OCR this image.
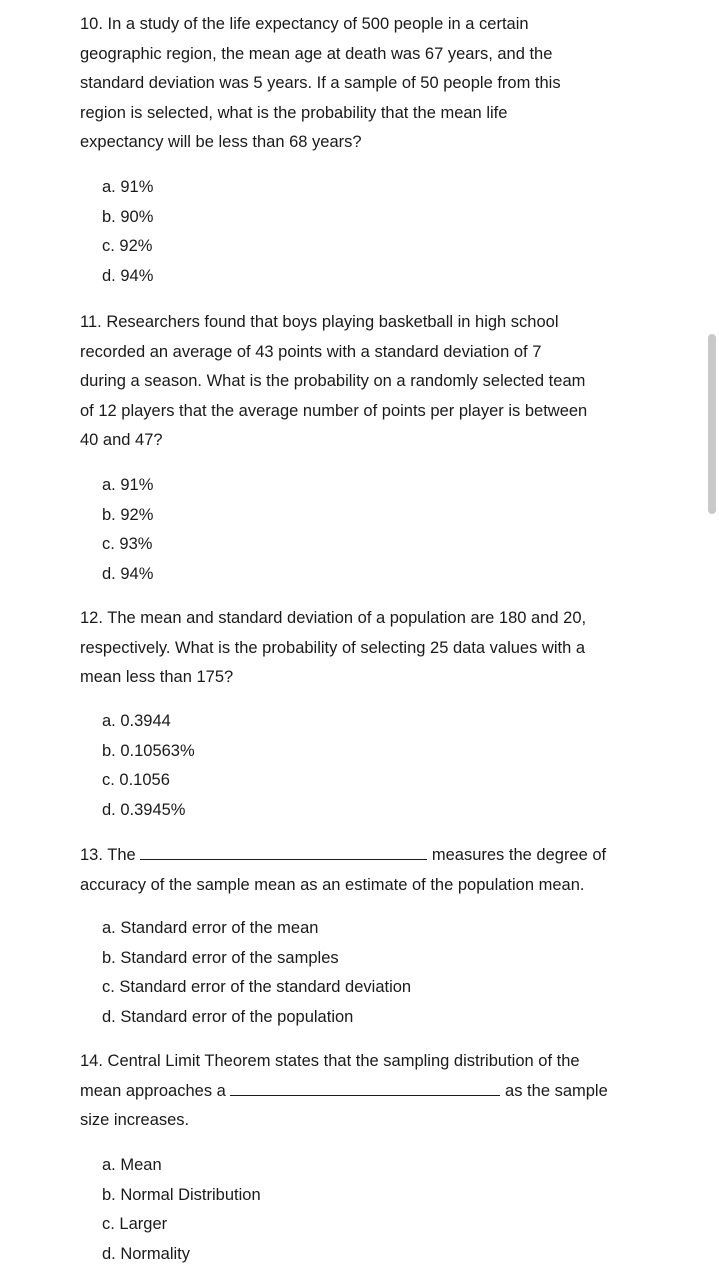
10. In a study of the life expectancy of 500 people in a certain
geographic region, the mean age at death was 67 years, and the
standard deviation was 5 years. If a sample of 50 people from this
region is selected, what is the probability that the mean life
expectancy will be less than 68 years?

a. 91%
b. 90%
c. 92%
d. 94%

11. Researchers found that boys playing basketball in high school
recorded an average of 43 points with a standard deviation of 7
during a season. What is the probability on a randomly selected team
of 12 players that the average number of points per player is between
40 and 47?

a. 91%
b. 92%
c. 93%
d. 94%

12. The mean and standard deviation of a population are 180 and 20,
respectively. What is the probability of selecting 25 data values with a
mean less than 175?

a. 0.3944
b. 0.10563%
c. 0.1056
d. 0.3945%

13. The	measures the degree of
accuracy of the sample mean as an estimate of the population mean.

a. Standard error of the mean
b. Standard error of the samples
c. Standard error of the standard deviation
d. Standard error of the population

14. Central Limit Theorem states that the sampling distribution of the
mean approaches a	as the sample
size increases.

a. Mean
b. Normal Distribution
c. Larger
d. Normality
